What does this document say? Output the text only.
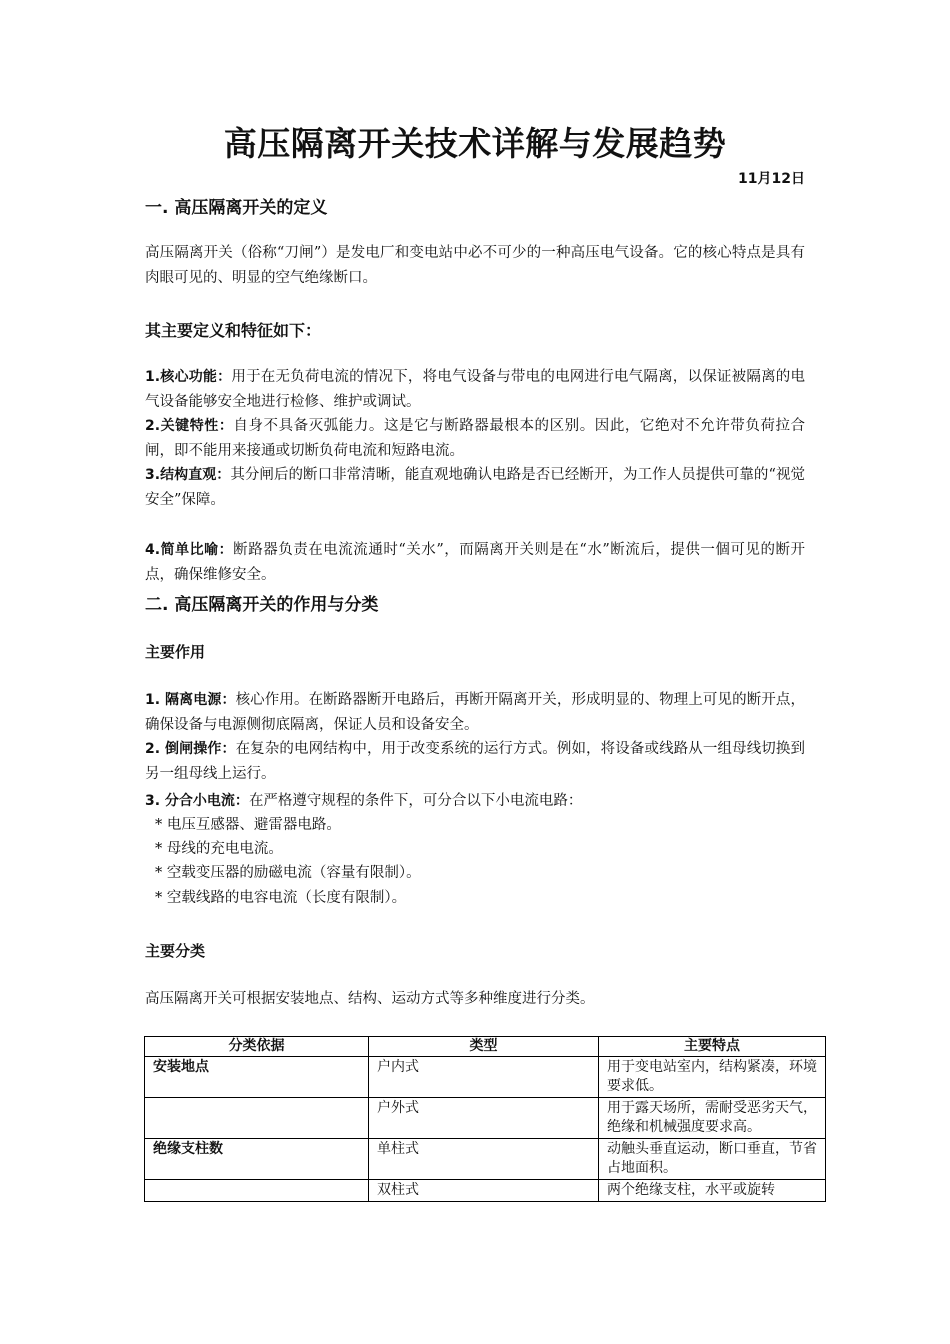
高压隔离开关技术详解与发展趋势
11月12日
一. 高压隔离开关的定义
高压隔离开关（俗称“刀闸”）是发电厂和变电站中必不可少的一种高压电气设备。它的核心特点是具有肉眼可见的、明显的空气绝缘断口。
其主要定义和特征如下：
1.核心功能：用于在无负荷电流的情况下，将电气设备与带电的电网进行电气隔离，以保证被隔离的电气设备能够安全地进行检修、维护或调试。
2.关键特性：自身不具备灭弧能力。这是它与断路器最根本的区别。因此，它绝对不允许带负荷拉合闸，即不能用来接通或切断负荷电流和短路电流。
3.结构直观：其分闸后的断口非常清晰，能直观地确认电路是否已经断开，为工作人员提供可靠的“视觉安全”保障。
4.简单比喻：断路器负责在电流流通时“关水”，而隔离开关则是在“水”断流后，提供一個可见的断开点，确保维修安全。
二. 高压隔离开关的作用与分类
主要作用
1. 隔离电源：核心作用。在断路器断开电路后，再断开隔离开关，形成明显的、物理上可见的断开点，确保设备与电源侧彻底隔离，保证人员和设备安全。
2. 倒闸操作：在复杂的电网结构中，用于改变系统的运行方式。例如，将设备或线路从一组母线切换到另一组母线上运行。
3. 分合小电流：在严格遵守规程的条件下，可分合以下小电流电路：
* 电压互感器、避雷器电路。
* 母线的充电电流。
* 空载变压器的励磁电流（容量有限制）。
* 空载线路的电容电流（长度有限制）。
主要分类
高压隔离开关可根据安装地点、结构、运动方式等多种维度进行分类。
分类依据	类型	主要特点
安装地点	户内式	用于变电站室内，结构紧凑，环境要求低。
	户外式	用于露天场所，需耐受恶劣天气，绝缘和机械强度要求高。
绝缘支柱数	单柱式	动触头垂直运动，断口垂直，节省占地面积。
	双柱式	两个绝缘支柱，水平或旋转
